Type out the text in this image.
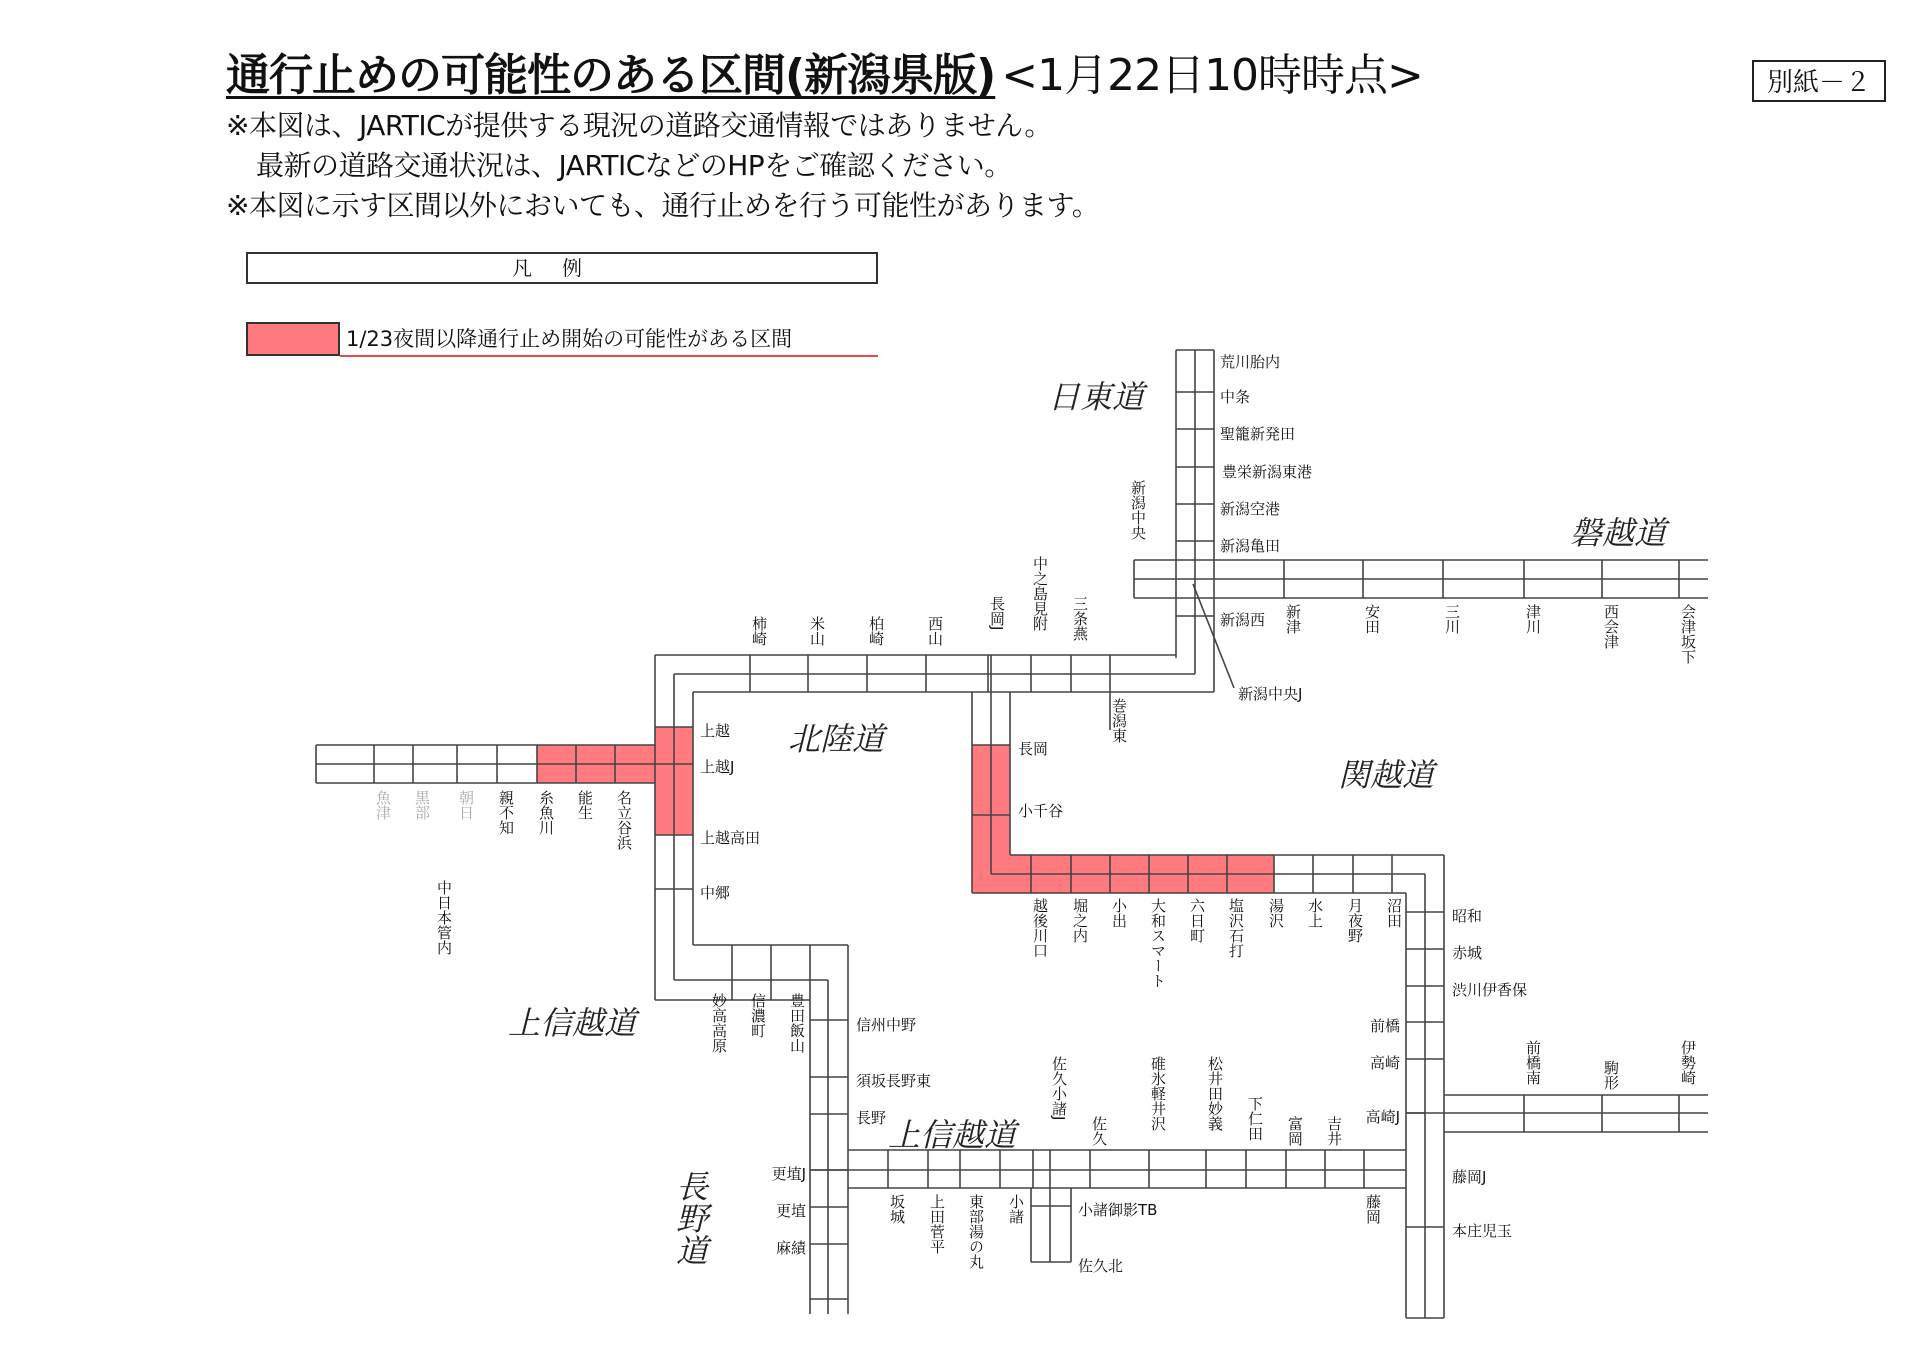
通行止めの可能性のある区間(新潟県版) <1月22日10時時点>
※本図は、JARTICが提供する現況の道路交通情報ではありません。
最新の道路交通状況は、JARTICなどのHPをご確認ください。
※本図に示す区間以外においても、通行止めを行う可能性があります。
別紙－２
凡例
1/23夜間以降通行止め開始の可能性がある区間
日東道
磐越道
北陸道
関越道
上信越道
上信越道
長野道
荒川胎内
中条
聖籠新発田
豊栄新潟東港
新潟空港
新潟亀田
新潟西
新潟中央J
上越
上越J
上越高田
中郷
長岡
小千谷
昭和
赤城
渋川伊香保
藤岡J
本庄児玉
前橋
高崎
高崎J
信州中野
須坂長野東
長野
更埴J
更埴
麻績
小諸御影TB
佐久北
新潟中央
新津	安田	三川	津川	西会津	会津坂下
柿崎	米山	柏崎	西山
長岡J 中之島見附 三条燕
巻潟東
魚津 黒部 朝日 親不知 糸魚川 能生 名立谷浜
中日本管内	越後川口 堀之内 小出 大和スマート 六日町 塩沢石打 湯沢 水上 月夜野 沼田
前橋南	駒形	伊勢崎
妙高高原 信濃町 豊田飯山
佐久小諸J
佐久	碓氷軽井沢	松井田妙義 下仁田 富岡 吉井
坂城 上田菅平 東部湯の丸 小諸	藤岡
